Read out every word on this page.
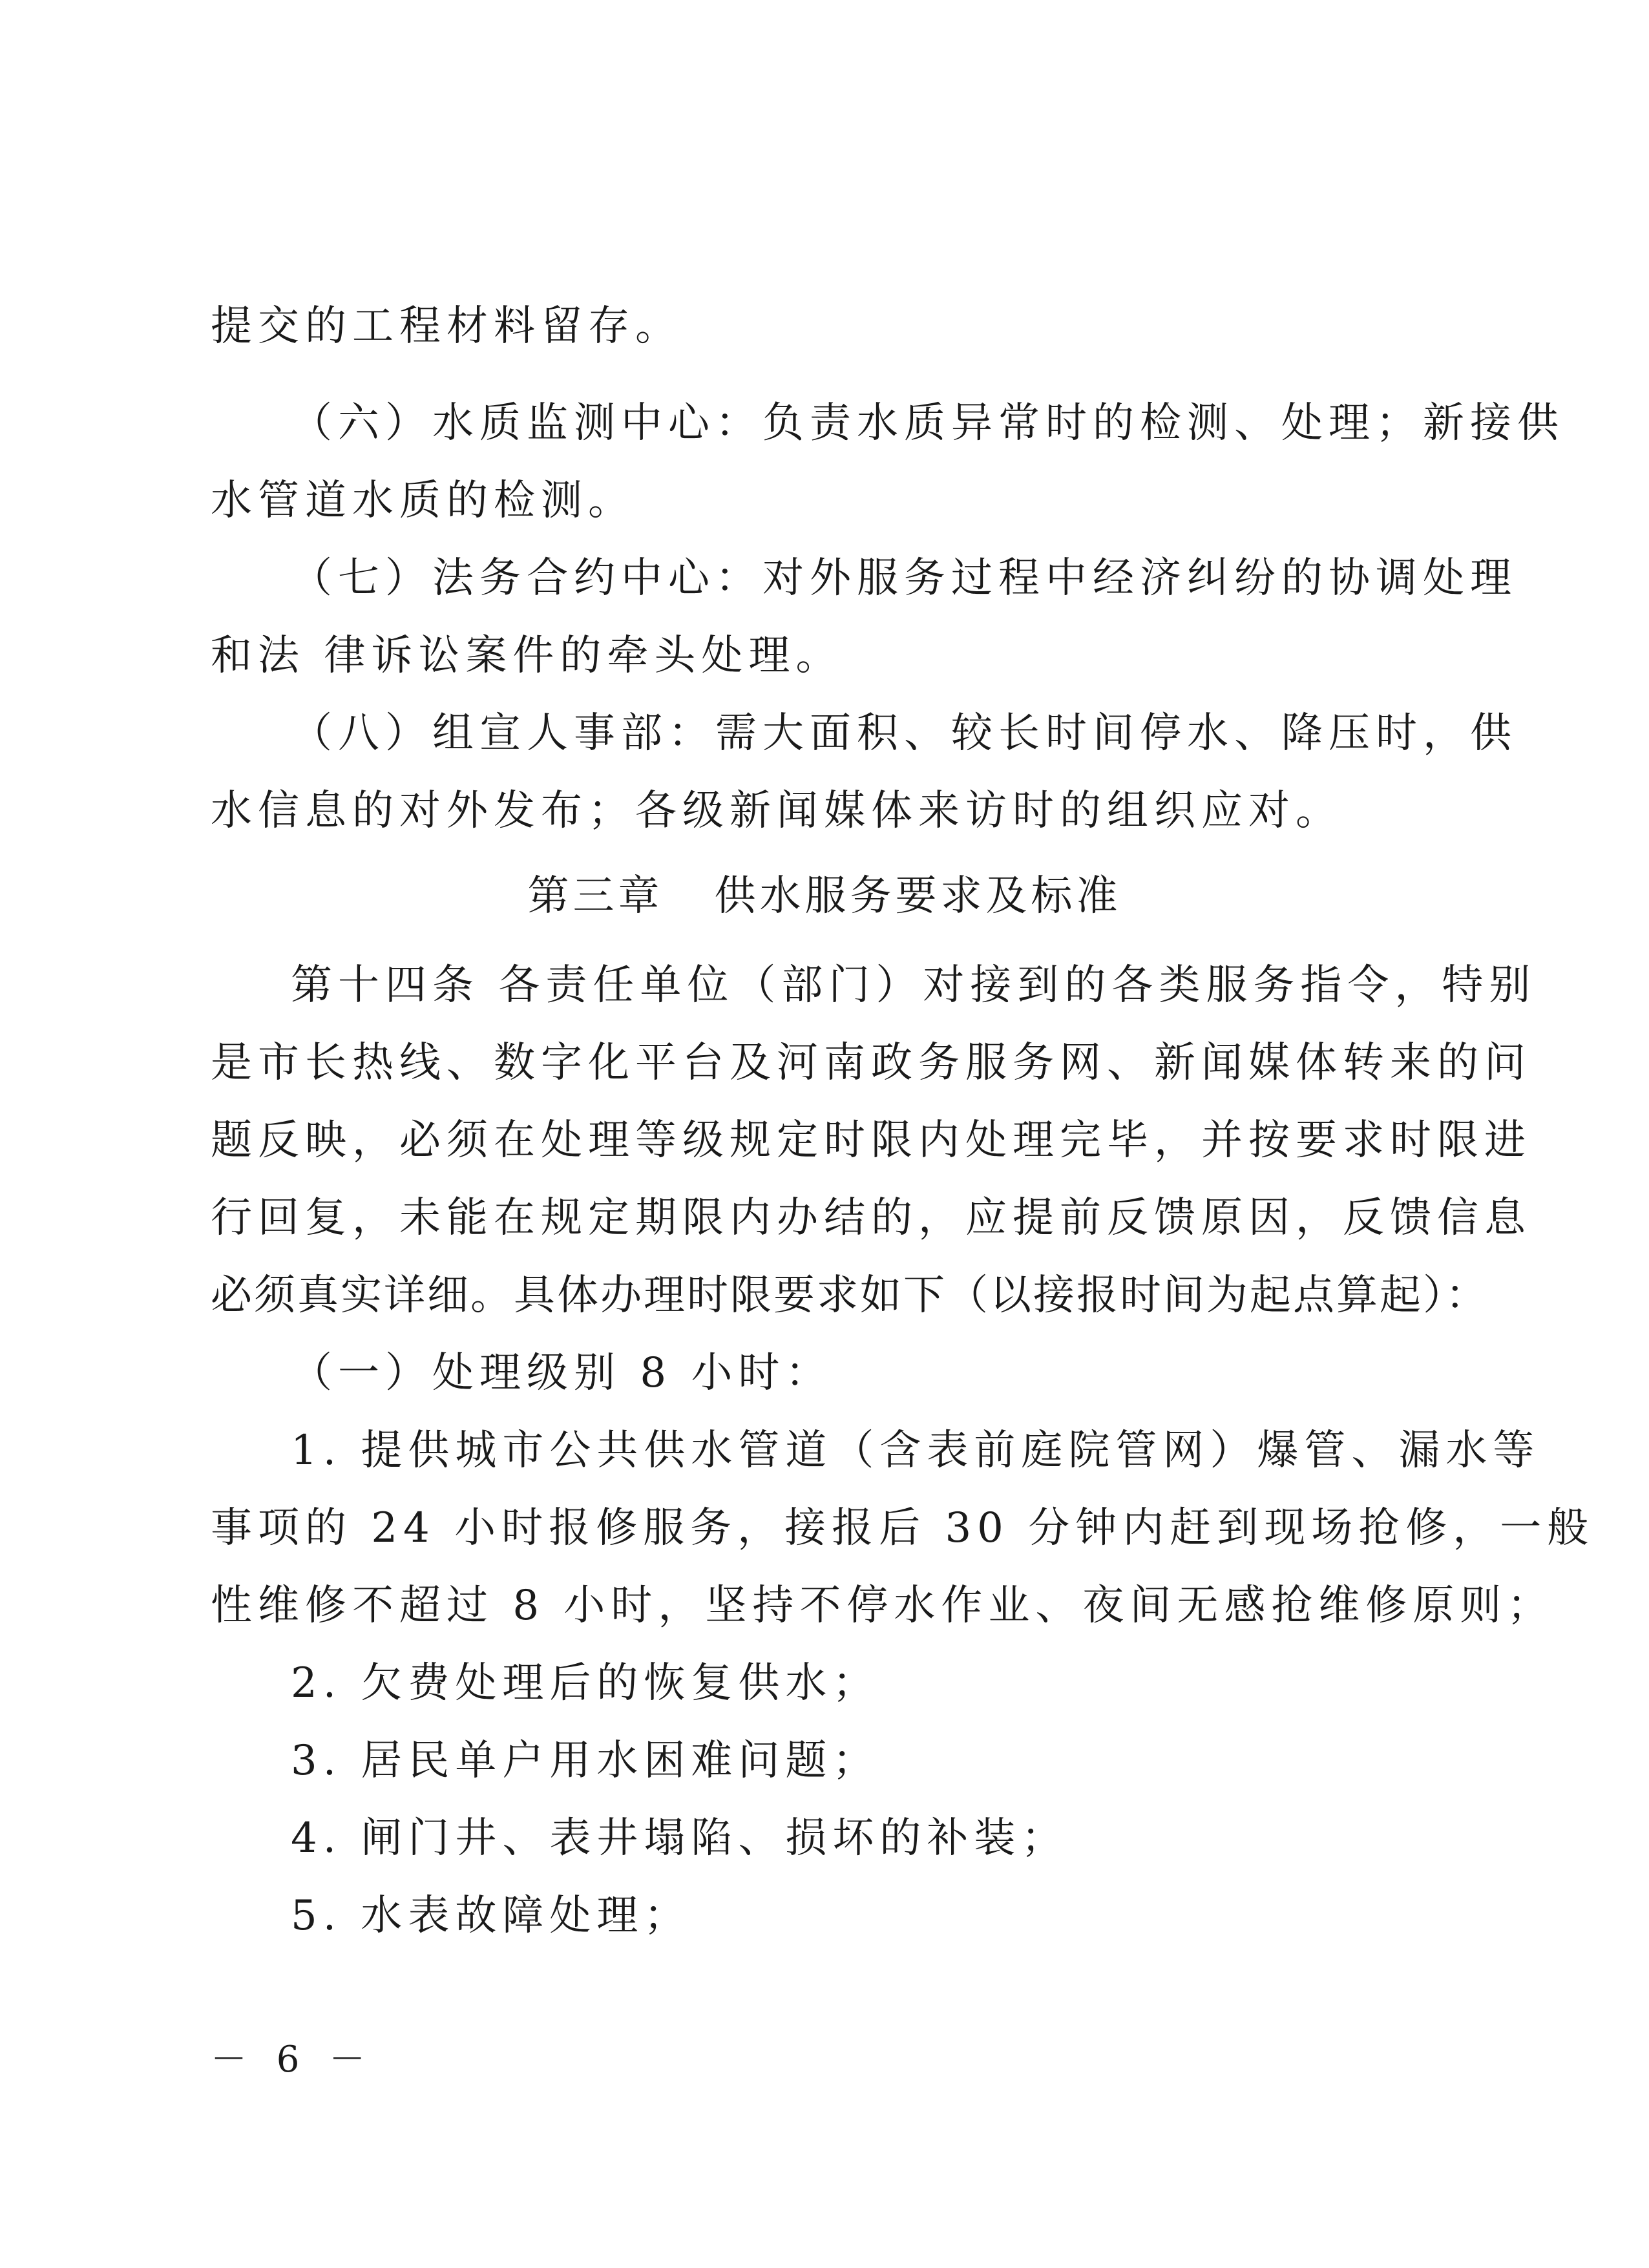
提交的工程材料留存。
（六）水质监测中心：负责水质异常时的检测、处理；新接供
水管道水质的检测。
（七）法务合约中心：对外服务过程中经济纠纷的协调处理
和法 律诉讼案件的牵头处理。
（八）组宣人事部：需大面积、较长时间停水、降压时，供
水信息的对外发布；各级新闻媒体来访时的组织应对。
第三章   供水服务要求及标准
第十四条 各责任单位（部门）对接到的各类服务指令，特别
是市长热线、数字化平台及河南政务服务网、新闻媒体转来的问
题反映，必须在处理等级规定时限内处理完毕，并按要求时限进
行回复，未能在规定期限内办结的，应提前反馈原因，反馈信息
必须真实详细。具体办理时限要求如下（以接报时间为起点算起）：
（一）处理级别 8 小时：
1. 提供城市公共供水管道（含表前庭院管网）爆管、漏水等
事项的 24 小时报修服务，接报后 30 分钟内赶到现场抢修，一般
性维修不超过 8 小时，坚持不停水作业、夜间无感抢维修原则；
2. 欠费处理后的恢复供水；
3. 居民单户用水困难问题；
4. 闸门井、表井塌陷、损坏的补装；
5. 水表故障处理；
－ 6 －
